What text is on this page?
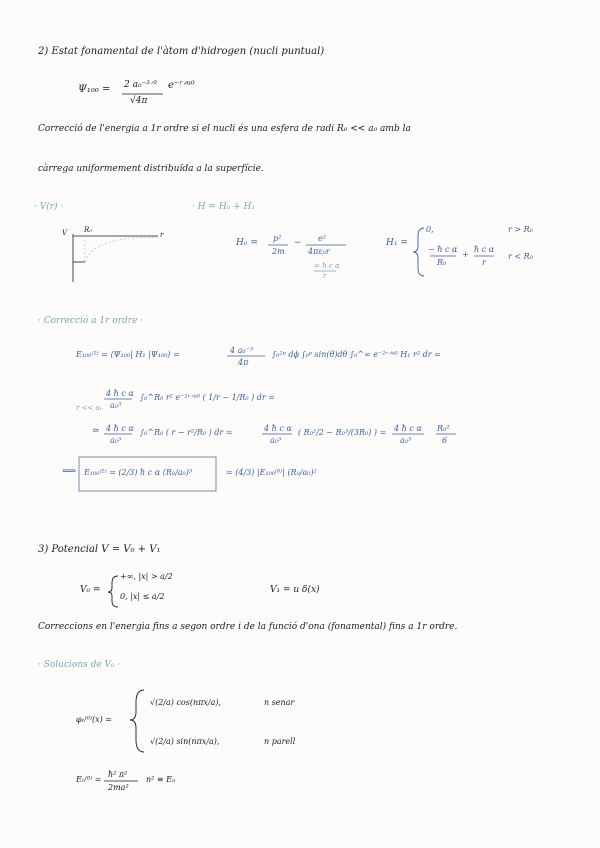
2) Estat fonamental de l'àtom d'hidrogen (nucli puntual)
Ψ₁₀₀ = 2 a₀⁻³ᐟ²
√4π
e⁻ʳᐟᵃ⁰
Correcció de l'energia a 1r ordre si el nucli és una esfera de radi R₀ << a₀ amb la
càrrega uniformement distribuïda a la superfície.
· V(r) ·	· H = H₀ + H₁
V R₀
r
H₀ = p²
2m
− e²
4πε₀r
= ħ c α
r
H₁ =
0,	r > R₀
− ħ c α
R₀
+
ħ c α
r
r < R₀
· Correcció a 1r ordre ·
E₁₀₀⁽¹⁾ = ⟨Ψ₁₀₀| H₁ |Ψ₁₀₀⟩ =	4 a₀⁻³
4π
∫₀²ᵖ dϕ ∫₀ᵖ sin(θ)dθ ∫₀^∞ e⁻²ʳᐟᵃ⁰ H₁ r² dr =
r << a₀
4 ħ c α
a₀³
∫₀^R₀ r² e⁻²ʳᐟᵃ⁰ ( 1/r − 1/R₀ ) dr =
≃ 4 ħ c α
a₀³
∫₀^R₀ ( r − r²/R₀ ) dr =	4 ħ c α
a₀³
( R₀²/2 − R₀³/(3R₀) ) = 4 ħ c α
a₀³
R₀²
6
⟹ E₁₀₀⁽¹⁾ = (2/3) ħ c α (R₀/a₀)³	= (4/3) |E₁₀₀⁽⁰⁾| (R₀/a₀)²
3) Potencial V = V₀ + V₁
V₀ =
+∞, |x| > a/2
0, |x| ≤ a/2
V₁ = u δ(x)
Correccions en l'energia fins a segon ordre i de la funció d'ona (fonamental) fins a 1r ordre.
· Solucions de V₀ ·
φₙ⁽⁰⁾(x) =
√(2/a) cos(nπx/a),	n senar
√(2/a) sin(nπx/a),	n parell
Eₙ⁽⁰⁾ =
ħ² π²
2ma²
n² ≡ Eₙ
